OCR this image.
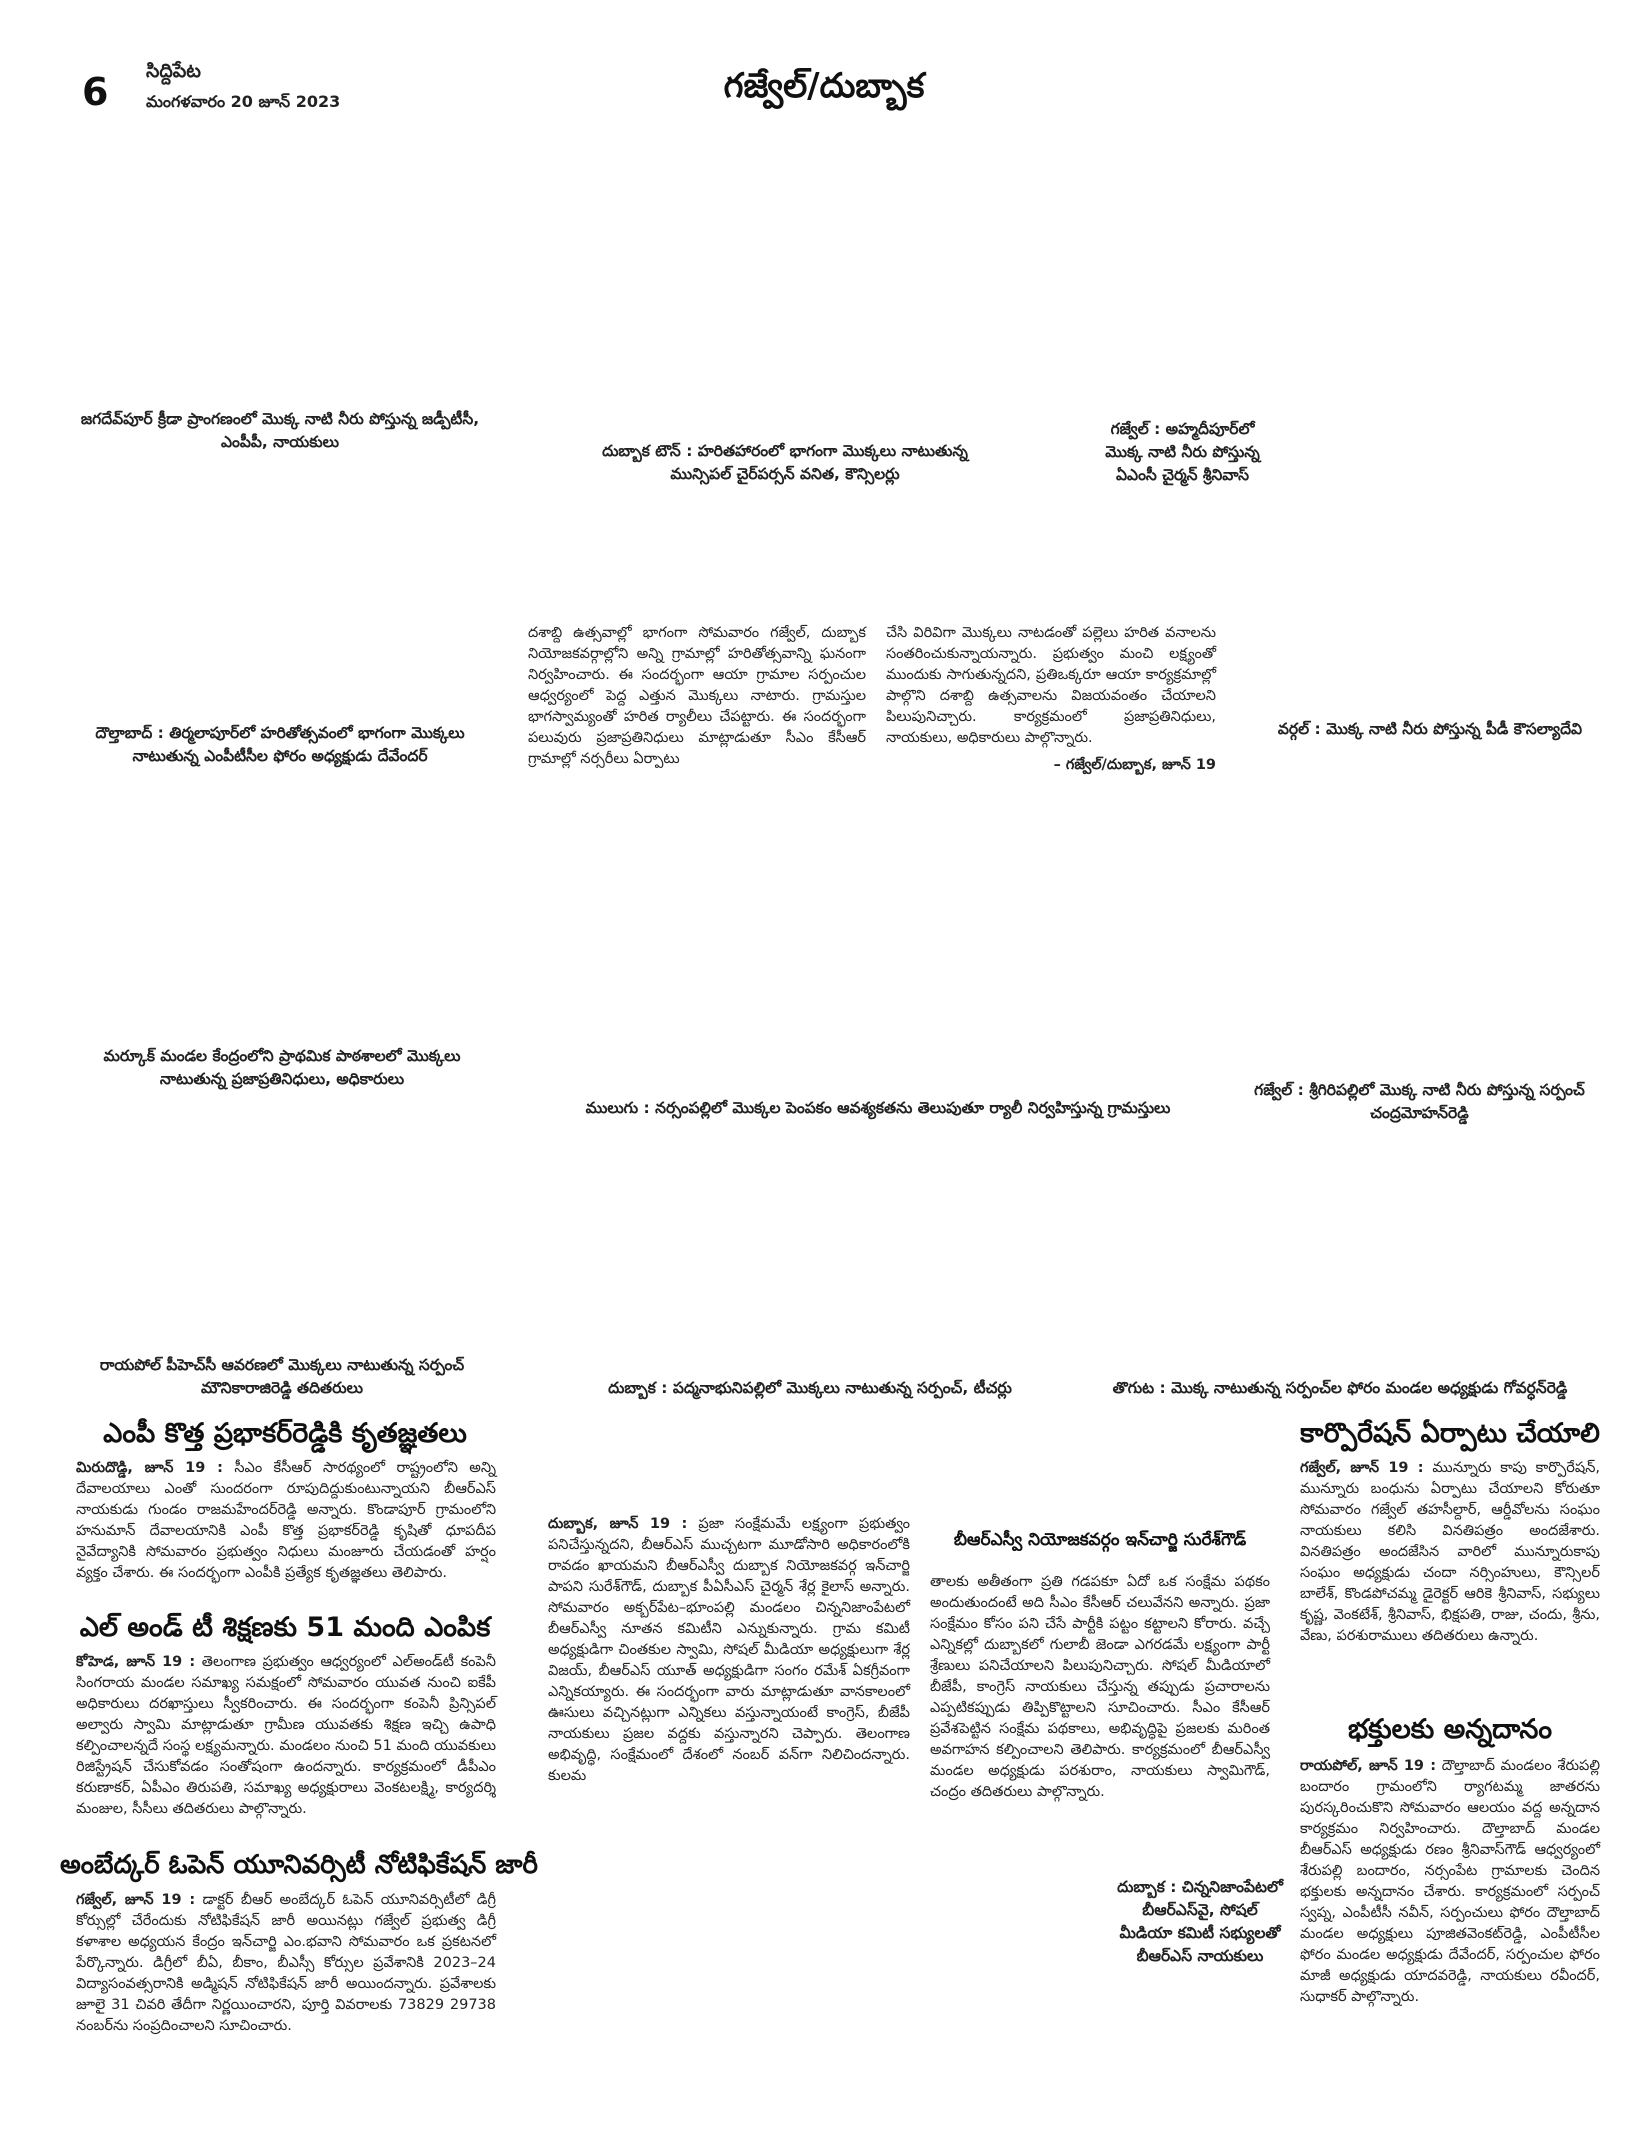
6 సిద్దిపేట
మంగళవారం 20 జూన్ 2023	గజ్వేల్/దుబ్బాక
జగదేవ్‌పూర్ క్రీడా ప్రాంగణంలో మొక్క నాటి నీరు పోస్తున్న జడ్పీటీసీ, ఎంపీపీ, నాయకులు	దుబ్బాక టౌన్ : హరితహారంలో భాగంగా మొక్కలు నాటుతున్న మున్సిపల్ చైర్‌పర్సన్ వనిత, కౌన్సిలర్లు
గజ్వేల్ : అహ్మదీపూర్‌లో మొక్క నాటి నీరు పోస్తున్న ఏఎంసీ చైర్మన్ శ్రీనివాస్
దౌల్తాబాద్ : తిర్మలాపూర్‌లో హరితోత్సవంలో భాగంగా మొక్కలు నాటుతున్న ఎంపీటీసీల ఫోరం అధ్యక్షుడు దేవేందర్
వర్గల్ : మొక్క నాటి నీరు పోస్తున్న పీడీ కౌసల్యాదేవి
మర్కూక్ మండల కేంద్రంలోని ప్రాథమిక పాఠశాలలో మొక్కలు నాటుతున్న ప్రజాప్రతినిధులు, అధికారులు
ములుగు : నర్సంపల్లిలో మొక్కల పెంపకం ఆవశ్యకతను తెలుపుతూ ర్యాలీ నిర్వహిస్తున్న గ్రామస్తులు
గజ్వేల్ : శ్రీగిరిపల్లిలో మొక్క నాటి నీరు పోస్తున్న సర్పంచ్ చంద్రమోహన్‌రెడ్డి
రాయపోల్ పీహెచ్‌సీ ఆవరణలో మొక్కలు నాటుతున్న సర్పంచ్ మౌనికారాజిరెడ్డి తదితరులు	దుబ్బాక : పద్మనాభునిపల్లిలో మొక్కలు నాటుతున్న సర్పంచ్, టీచర్లు	తొగుట : మొక్క నాటుతున్న సర్పంచ్‌ల ఫోరం మండల అధ్యక్షుడు గోవర్ధన్‌రెడ్డి
దుబ్బాక : చిన్ననిజాంపేటలో బీఆర్‌ఎస్‌వై, సోషల్ మీడియా కమిటీ సభ్యులతో బీఆర్‌ఎస్ నాయకులు
దశాబ్ది ఉత్సవాల్లో భాగంగా సోమవారం గజ్వేల్, దుబ్బాక నియోజకవర్గాల్లోని అన్ని గ్రామాల్లో హరితోత్సవాన్ని ఘనంగా నిర్వహించారు. ఈ సందర్భంగా ఆయా గ్రామాల సర్పంచుల ఆధ్వర్యంలో పెద్ద ఎత్తున మొక్కలు నాటారు. గ్రామస్తుల భాగస్వామ్యంతో హరిత ర్యాలీలు చేపట్టారు. ఈ సందర్భంగా పలువురు ప్రజాప్రతినిధులు మాట్లాడుతూ సీఎం కేసీఆర్ గ్రామాల్లో నర్సరీలు ఏర్పాటు
చేసి విరివిగా మొక్కలు నాటడంతో పల్లెలు హరిత వనాలను సంతరించుకున్నాయన్నారు. ప్రభుత్వం మంచి లక్ష్యంతో ముందుకు సాగుతున్నదని, ప్రతిఒక్కరూ ఆయా కార్యక్రమాల్లో పాల్గొని దశాబ్ది ఉత్సవాలను విజయవంతం చేయాలని పిలుపునిచ్చారు. కార్యక్రమంలో ప్రజాప్రతినిధులు, నాయకులు, అధికారులు పాల్గొన్నారు.
– గజ్వేల్/దుబ్బాక, జూన్ 19
ఎంపీ కొత్త ప్రభాకర్‌రెడ్డికి కృతజ్ఞతలు
మిరుదొడ్డి, జూన్ 19 : సీఎం కేసీఆర్ సారథ్యంలో రాష్ట్రంలోని అన్ని దేవాలయాలు ఎంతో సుందరంగా రూపుదిద్దుకుంటున్నాయని బీఆర్‌ఎస్ నాయకుడు గుండం రాజమహేందర్‌రెడ్డి అన్నారు. కొండాపూర్ గ్రామంలోని హనుమాన్ దేవాలయానికి ఎంపీ కొత్త ప్రభాకర్‌రెడ్డి కృషితో ధూపదీప నైవేద్యానికి సోమవారం ప్రభుత్వం నిధులు మంజూరు చేయడంతో హర్షం వ్యక్తం చేశారు. ఈ సందర్భంగా ఎంపీకి ప్రత్యేక కృతజ్ఞతలు తెలిపారు.
ఎల్ అండ్ టీ శిక్షణకు 51 మంది ఎంపిక
కోహెడ, జూన్ 19 : తెలంగాణ ప్రభుత్వం ఆధ్వర్యంలో ఎల్అండ్‌టీ కంపెనీ సింగరాయ మండల సమాఖ్య సమక్షంలో సోమవారం యువత నుంచి ఐకేపీ అధికారులు దరఖాస్తులు స్వీకరించారు. ఈ సందర్భంగా కంపెనీ ప్రిన్సిపల్ అల్వారు స్వామి మాట్లాడుతూ గ్రామీణ యువతకు శిక్షణ ఇచ్చి ఉపాధి కల్పించాలన్నదే సంస్థ లక్ష్యమన్నారు. మండలం నుంచి 51 మంది యువకులు రిజిస్ట్రేషన్ చేసుకోవడం సంతోషంగా ఉందన్నారు. కార్యక్రమంలో డీపీఎం కరుణాకర్, ఏపీఎం తిరుపతి, సమాఖ్య అధ్యక్షురాలు వెంకటలక్ష్మి, కార్యదర్శి మంజుల, సీసీలు తదితరులు పాల్గొన్నారు.
అంబేద్కర్ ఓపెన్ యూనివర్సిటీ నోటిఫికేషన్ జారీ
గజ్వేల్, జూన్ 19 : డాక్టర్ బీఆర్ అంబేద్కర్ ఓపెన్ యూనివర్సిటీలో డిగ్రీ కోర్సుల్లో చేరేందుకు నోటిఫికేషన్ జారీ అయినట్లు గజ్వేల్ ప్రభుత్వ డిగ్రీ కళాశాల అధ్యయన కేంద్రం ఇన్‌చార్జి ఎం.భవాని సోమవారం ఒక ప్రకటనలో పేర్కొన్నారు. డిగ్రీలో బీఏ, బీకాం, బీఎస్సీ కోర్సుల ప్రవేశానికి 2023–24 విద్యాసంవత్సరానికి అడ్మిషన్ నోటిఫికేషన్ జారీ అయిందన్నారు. ప్రవేశాలకు జూలై 31 చివరి తేదీగా నిర్ణయించారని, పూర్తి వివరాలకు 73829 29738 నంబర్‌ను సంప్రదించాలని సూచించారు.
దుబ్బాక, జూన్ 19 : ప్రజా సంక్షేమమే లక్ష్యంగా ప్రభుత్వం పనిచేస్తున్నదని, బీఆర్‌ఎస్ ముచ్చటగా మూడోసారి అధికారంలోకి రావడం ఖాయమని బీఆర్‌ఎస్వీ దుబ్బాక నియోజకవర్గ ఇన్‌చార్జి పాపని సురేశ్‌గౌడ్, దుబ్బాక పీఏసీఎస్ చైర్మన్ శేర్ల కైలాస్ అన్నారు. సోమవారం అక్బర్‌పేట–భూంపల్లి మండలం చిన్ననిజాంపేటలో బీఆర్‌ఎస్వీ నూతన కమిటీని ఎన్నుకున్నారు. గ్రామ కమిటీ అధ్యక్షుడిగా చింతకుల స్వామి, సోషల్ మీడియా అధ్యక్షులుగా శేర్ల విజయ్, బీఆర్‌ఎస్ యూత్ అధ్యక్షుడిగా సంగం రమేశ్ ఏకగ్రీవంగా ఎన్నికయ్యారు. ఈ సందర్భంగా వారు మాట్లాడుతూ వానకాలంలో ఊసులు వచ్చినట్లుగా ఎన్నికలు వస్తున్నాయంటే కాంగ్రెస్, బీజేపీ నాయకులు ప్రజల వద్దకు వస్తున్నారని చెప్పారు. తెలంగాణ అభివృద్ధి, సంక్షేమంలో దేశంలో నంబర్ వన్‌గా నిలిచిందన్నారు. కులమ
బీఆర్‌ఎస్వీ నియోజకవర్గం ఇన్‌చార్జి సురేశ్‌గౌడ్
తాలకు అతీతంగా ప్రతి గడపకూ ఏదో ఒక సంక్షేమ పథకం అందుతుందంటే అది సీఎం కేసీఆర్ చలువేనని అన్నారు. ప్రజా సంక్షేమం కోసం పని చేసే పార్టీకి పట్టం కట్టాలని కోరారు. వచ్చే ఎన్నికల్లో దుబ్బాకలో గులాబీ జెండా ఎగరడమే లక్ష్యంగా పార్టీ శ్రేణులు పనిచేయాలని పిలుపునిచ్చారు. సోషల్ మీడియాలో బీజేపీ, కాంగ్రెస్ నాయకులు చేస్తున్న తప్పుడు ప్రచారాలను ఎప్పటికప్పుడు తిప్పికొట్టాలని సూచించారు. సీఎం కేసీఆర్ ప్రవేశపెట్టిన సంక్షేమ పథకాలు, అభివృద్ధిపై ప్రజలకు మరింత అవగాహన కల్పించాలని తెలిపారు. కార్యక్రమంలో బీఆర్‌ఎస్వీ మండల అధ్యక్షుడు పరశురాం, నాయకులు స్వామిగౌడ్, చంద్రం తదితరులు పాల్గొన్నారు.
కార్పొరేషన్ ఏర్పాటు చేయాలి
గజ్వేల్, జూన్ 19 : మున్నూరు కాపు కార్పొరేషన్, మున్నూరు బంధును ఏర్పాటు చేయాలని కోరుతూ సోమవారం గజ్వేల్ తహసీల్దార్, ఆర్డీవోలను సంఘం నాయకులు కలిసి వినతిపత్రం అందజేశారు. వినతిపత్రం అందజేసిన వారిలో మున్నూరుకాపు సంఘం అధ్యక్షుడు చందా నర్సింహులు, కౌన్సిలర్ బాలేశ్, కొండపోచమ్మ డైరెక్టర్ ఆరికె శ్రీనివాస్, సభ్యులు కృష్ణ, వెంకటేశ్, శ్రీనివాస్, భిక్షపతి, రాజు, చందు, శ్రీను, వేణు, పరశురాములు తదితరులు ఉన్నారు.
భక్తులకు అన్నదానం
రాయపోల్, జూన్ 19 : దౌల్తాబాద్ మండలం శేరుపల్లి బందారం గ్రామంలోని ర్యాగటమ్మ జాతరను పురస్కరించుకొని సోమవారం ఆలయం వద్ద అన్నదాన కార్యక్రమం నిర్వహించారు. దౌల్తాబాద్ మండల బీఆర్‌ఎస్ అధ్యక్షుడు రణం శ్రీనివాస్‌గౌడ్ ఆధ్వర్యంలో శేరుపల్లి బందారం, నర్సంపేట గ్రామాలకు చెందిన భక్తులకు అన్నదానం చేశారు. కార్యక్రమంలో సర్పంచ్ స్వప్న, ఎంపీటీసీ నవీన్, సర్పంచులు ఫోరం దౌల్తాబాద్ మండల అధ్యక్షులు పూజితవెంకట్‌రెడ్డి, ఎంపీటీసీల ఫోరం మండల అధ్యక్షుడు దేవేందర్, సర్పంచుల ఫోరం మాజీ అధ్యక్షుడు యాదవరెడ్డి, నాయకులు రవీందర్, సుధాకర్ పాల్గొన్నారు.
